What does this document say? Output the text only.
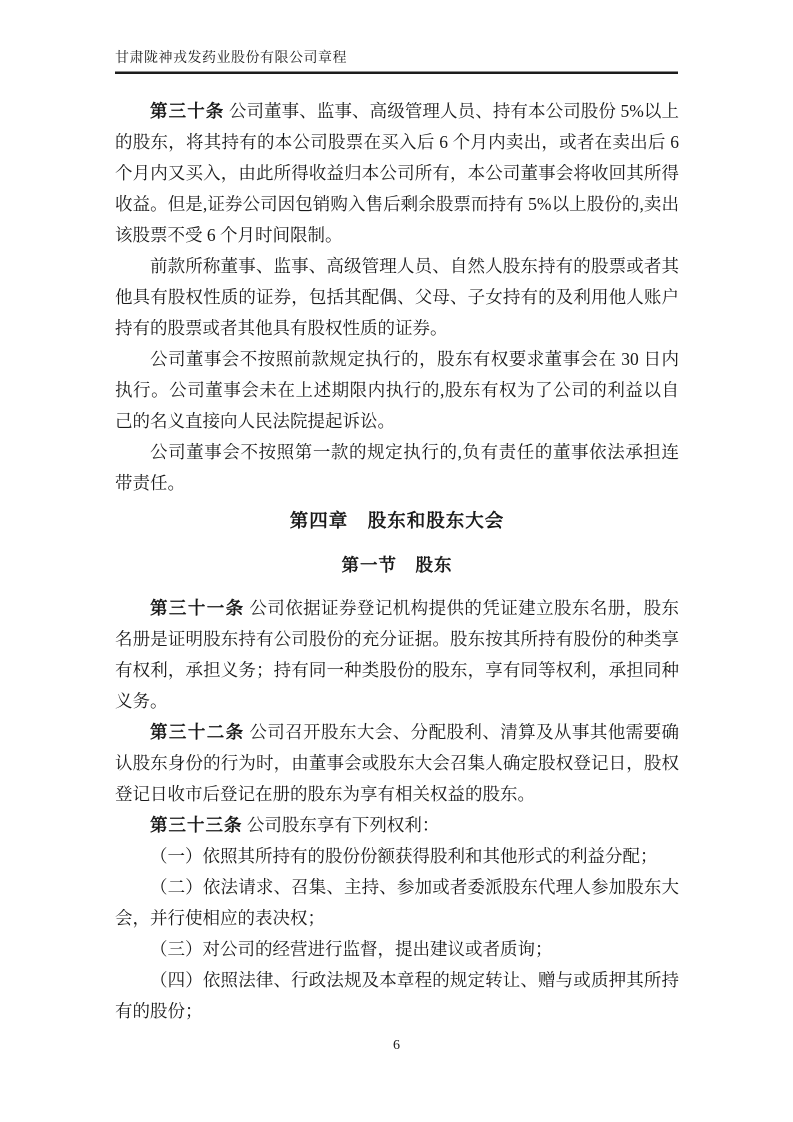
甘肃陇神戎发药业股份有限公司章程

第三十条 公司董事、监事、高级管理人员、持有本公司股份 5%以上的股东，将其持有的本公司股票在买入后 6 个月内卖出，或者在卖出后 6 个月内又买入，由此所得收益归本公司所有，本公司董事会将收回其所得收益。但是,证券公司因包销购入售后剩余股票而持有 5%以上股份的,卖出该股票不受 6 个月时间限制。

前款所称董事、监事、高级管理人员、自然人股东持有的股票或者其他具有股权性质的证券，包括其配偶、父母、子女持有的及利用他人账户持有的股票或者其他具有股权性质的证券。

公司董事会不按照前款规定执行的，股东有权要求董事会在 30 日内执行。公司董事会未在上述期限内执行的,股东有权为了公司的利益以自己的名义直接向人民法院提起诉讼。

公司董事会不按照第一款的规定执行的,负有责任的董事依法承担连带责任。

第四章　股东和股东大会
第一节　股东

第三十一条 公司依据证券登记机构提供的凭证建立股东名册，股东名册是证明股东持有公司股份的充分证据。股东按其所持有股份的种类享有权利，承担义务；持有同一种类股份的股东，享有同等权利，承担同种义务。

第三十二条 公司召开股东大会、分配股利、清算及从事其他需要确认股东身份的行为时，由董事会或股东大会召集人确定股权登记日，股权登记日收市后登记在册的股东为享有相关权益的股东。

第三十三条 公司股东享有下列权利：

（一）依照其所持有的股份份额获得股利和其他形式的利益分配；

（二）依法请求、召集、主持、参加或者委派股东代理人参加股东大会，并行使相应的表决权；

（三）对公司的经营进行监督，提出建议或者质询；

（四）依照法律、行政法规及本章程的规定转让、赠与或质押其所持有的股份；

6
